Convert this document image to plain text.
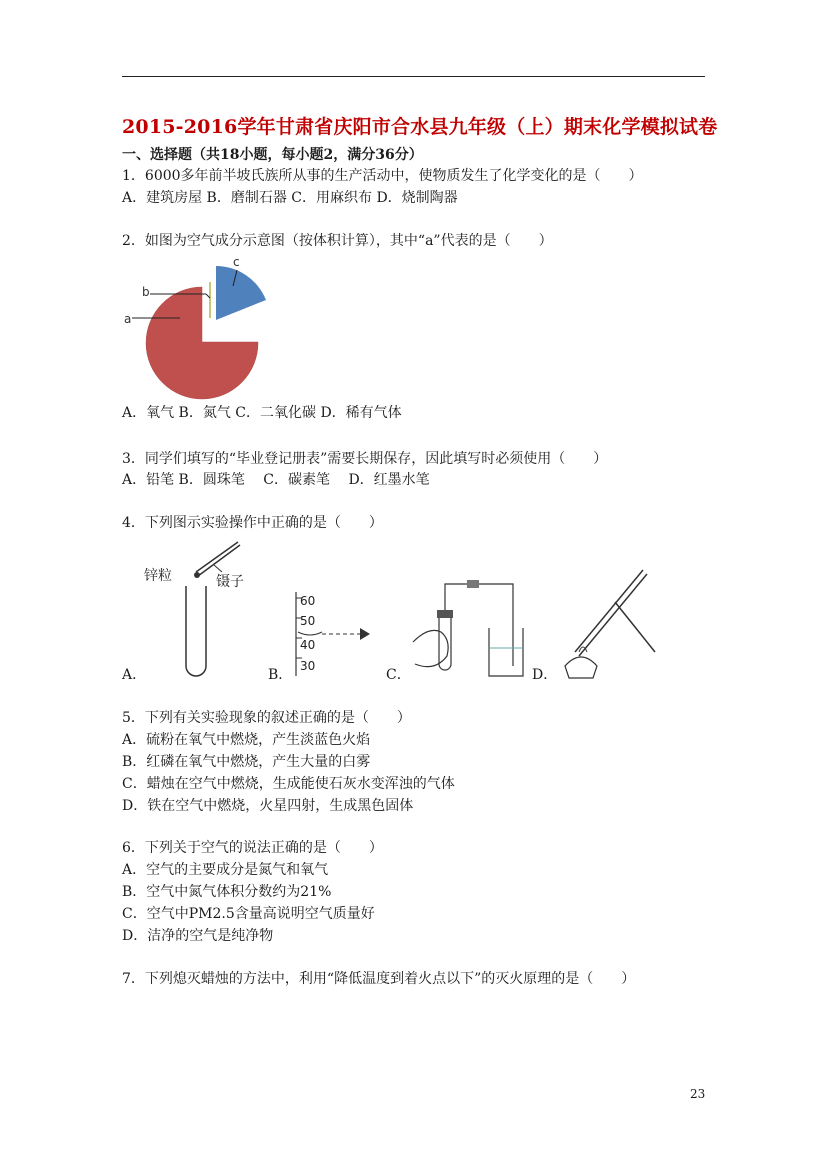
2015-2016学年甘肃省庆阳市合水县九年级（上）期末化学模拟试卷
一、选择题（共18小题，每小题2，满分36分）
1．6000多年前半坡氏族所从事的生产活动中，使物质发生了化学变化的是（　　）
A．建筑房屋 B．磨制石器 C．用麻织布 D．烧制陶器
2．如图为空气成分示意图（按体积计算），其中“a”代表的是（　　）
a
b
c
A．氧气 B．氮气 C．二氧化碳 D．稀有气体
3．同学们填写的“毕业登记册表”需要长期保存，因此填写时必须使用（　　）
A．铅笔 B．圆珠笔　 C．碳素笔　 D．红墨水笔
4．下列图示实验操作中正确的是（　　）
锌粒	镊子
60
50
40
30
A．	B．	C．	D．
5．下列有关实验现象的叙述正确的是（　　）
A．硫粉在氧气中燃烧，产生淡蓝色火焰
B．红磷在氧气中燃烧，产生大量的白雾
C．蜡烛在空气中燃烧，生成能使石灰水变浑浊的气体
D．铁在空气中燃烧，火星四射，生成黑色固体
6．下列关于空气的说法正确的是（　　）
A．空气的主要成分是氮气和氧气
B．空气中氮气体积分数约为21%
C．空气中PM2.5含量高说明空气质量好
D．洁净的空气是纯净物
7．下列熄灭蜡烛的方法中，利用“降低温度到着火点以下”的灭火原理的是（　　）
23
